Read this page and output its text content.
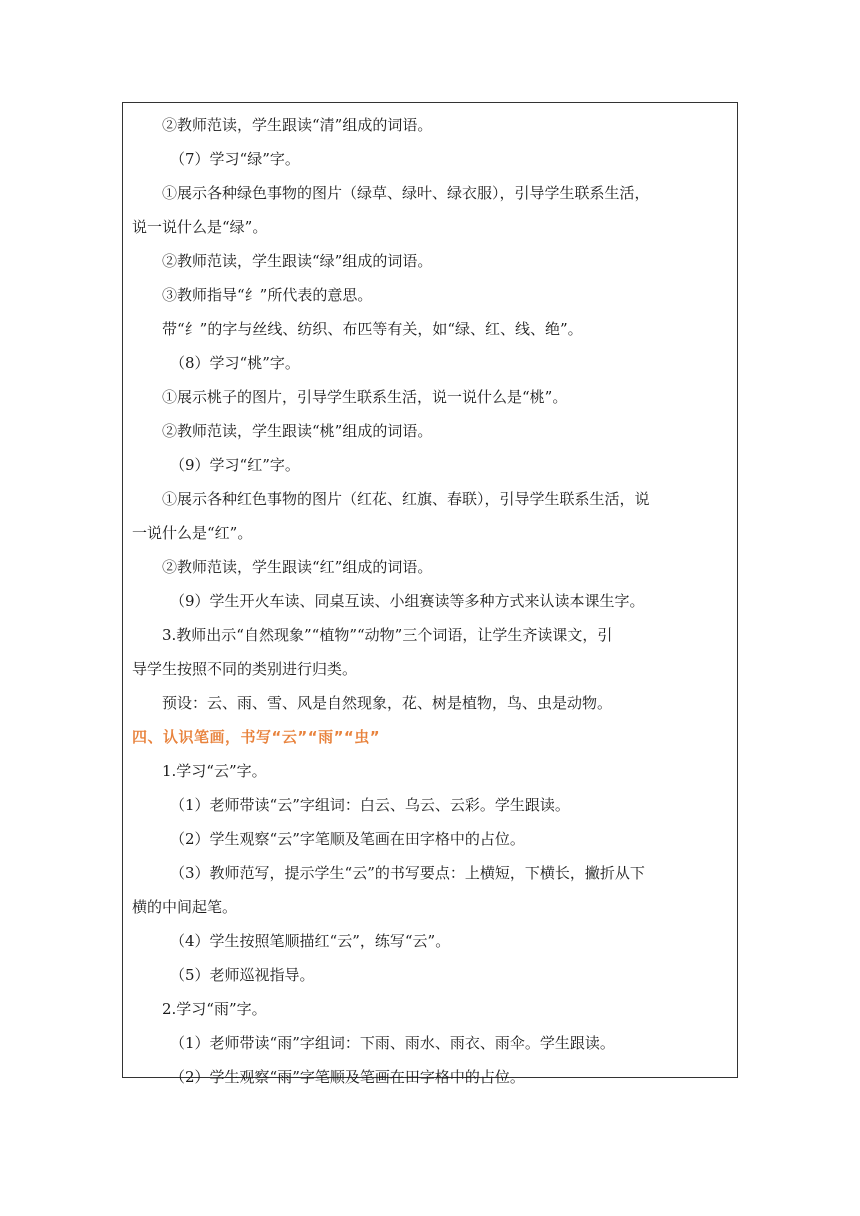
②教师范读，学生跟读“清”组成的词语。
（7）学习“绿”字。
①展示各种绿色事物的图片（绿草、绿叶、绿衣服），引导学生联系生活，
说一说什么是“绿”。
②教师范读，学生跟读“绿”组成的词语。
③教师指导“纟”所代表的意思。
带“纟”的字与丝线、纺织、布匹等有关，如“绿、红、线、绝”。
（8）学习“桃”字。
①展示桃子的图片，引导学生联系生活，说一说什么是“桃”。
②教师范读，学生跟读“桃”组成的词语。
（9）学习“红”字。
①展示各种红色事物的图片（红花、红旗、春联），引导学生联系生活，说
一说什么是“红”。
②教师范读，学生跟读“红”组成的词语。
（9）学生开火车读、同桌互读、小组赛读等多种方式来认读本课生字。
3.教师出示“自然现象”“植物”“动物”三个词语，让学生齐读课文，引
导学生按照不同的类别进行归类。
预设：云、雨、雪、风是自然现象，花、树是植物，鸟、虫是动物。
四、认识笔画，书写“云”“雨”“虫”
1.学习“云”字。
（1）老师带读“云”字组词：白云、乌云、云彩。学生跟读。
（2）学生观察“云”字笔顺及笔画在田字格中的占位。
（3）教师范写，提示学生“云”的书写要点：上横短，下横长，撇折从下
横的中间起笔。
（4）学生按照笔顺描红“云”，练写“云”。
（5）老师巡视指导。
2.学习“雨”字。
（1）老师带读“雨”字组词：下雨、雨水、雨衣、雨伞。学生跟读。
（2）学生观察“雨”字笔顺及笔画在田字格中的占位。
